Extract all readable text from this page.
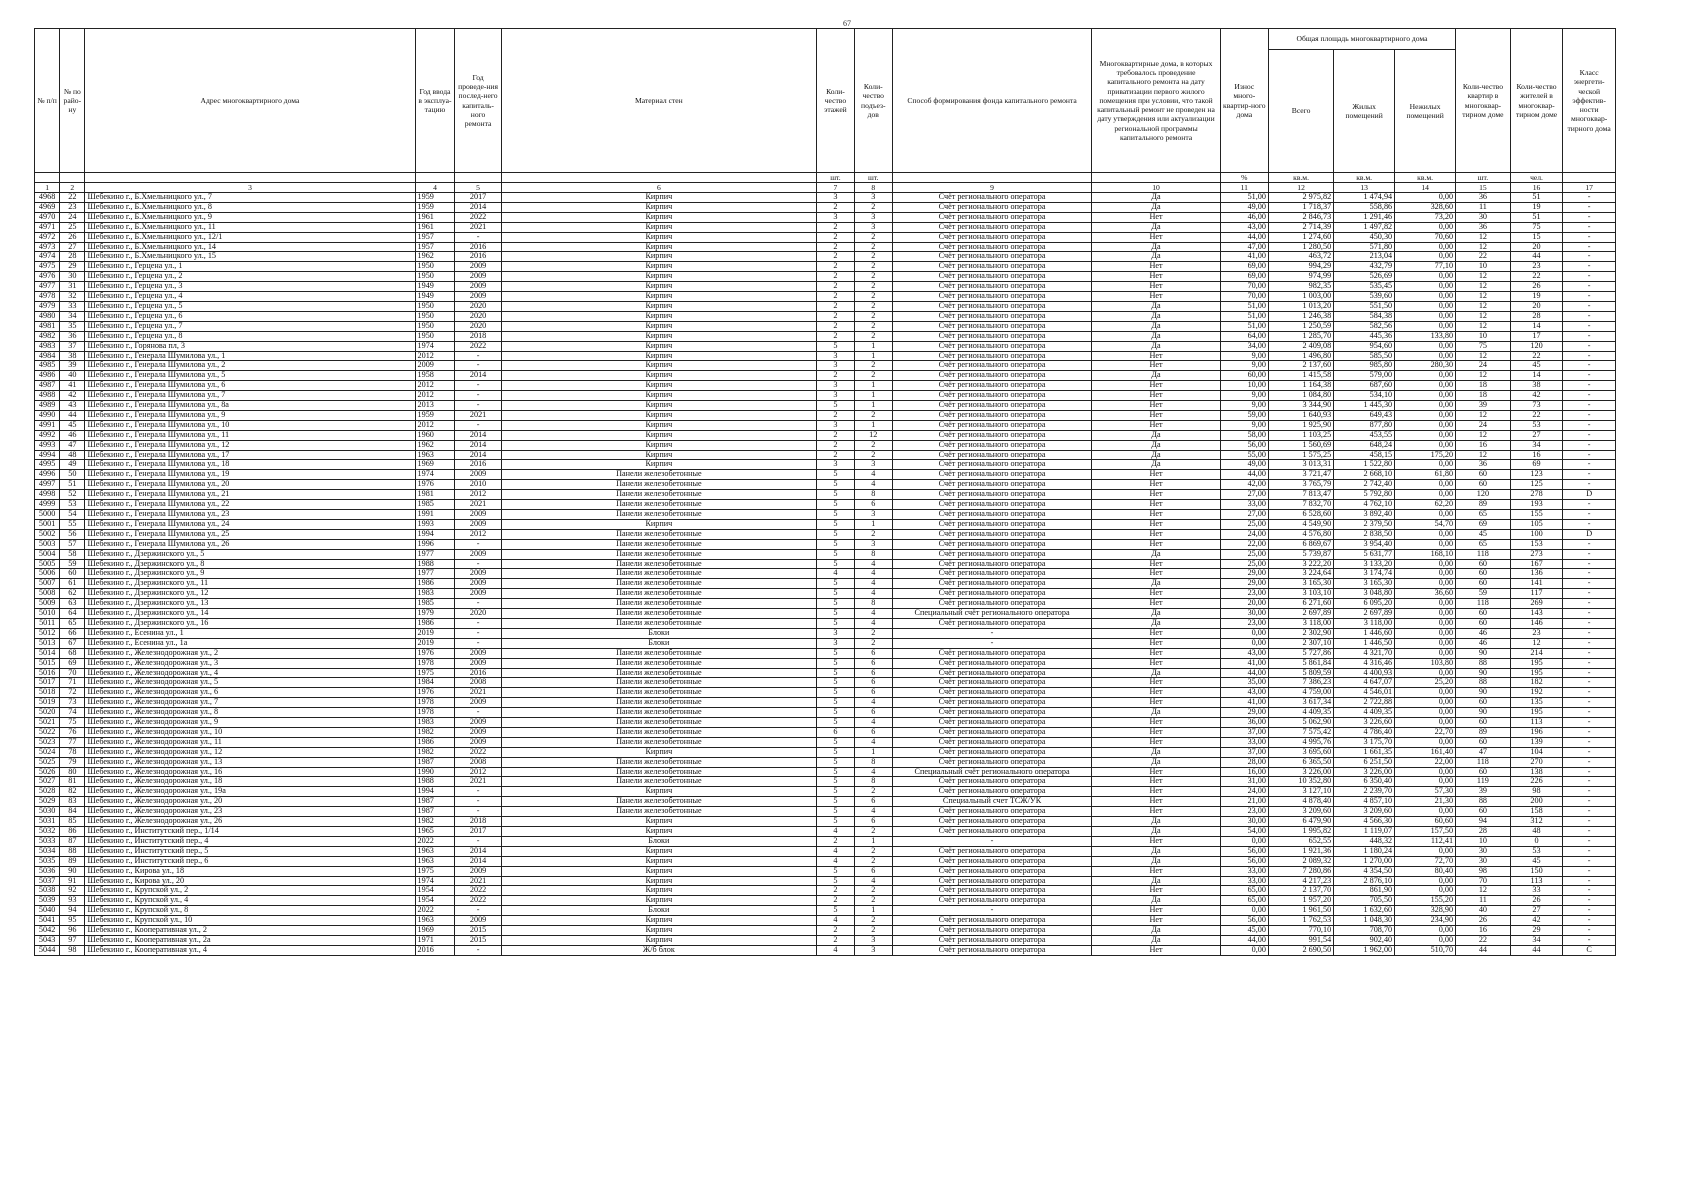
67
№ п/п	№ по райо-ну	Адрес многоквартирного дома	Год ввода в эксплуа-тацию	Год проведе-ния послед-него капиталь-ного ремонта	Материал стен	Коли-чество этажей	Коли-чество подъез-дов	Способ формирования фонда капитального ремонта	Многоквартирные дома, в которых требовалось проведение капитального ремонта на дату приватизации первого жилого помещения при условии, что такой капитальный ремонт не проведен на дату утверждения или актуализации региональной программы капитального ремонта	Износ много-квартир-ного дома	Общая площадь многоквартирного дома			Коли-чество квартир в многоквар-тирном доме	Коли-чество жителей в многоквар-тирном доме	Класс энергети-ческой эффектив-ности многоквар-тирного дома
											Всего	Жилых помещений	Нежилых помещений			
						шт.	шт.			%	кв.м.	кв.м.	кв.м.	шт.	чел.	
1	2	3	4	5	6	7	8	9	10	11	12	13	14	15	16	17
4968	22	Шебекино г., Б.Хмельницкого ул., 7	1959	2017	Кирпич	3	3	Счёт регионального оператора	Да	51,00	2 975,82	1 474,94	0,00	36	51	-
4969	23	Шебекино г., Б.Хмельницкого ул., 8	1959	2014	Кирпич	2	2	Счёт регионального оператора	Да	49,00	1 718,37	558,86	328,60	11	19	-
4970	24	Шебекино г., Б.Хмельницкого ул., 9	1961	2022	Кирпич	3	3	Счёт регионального оператора	Нет	46,00	2 846,73	1 291,46	73,20	30	51	-
4971	25	Шебекино г., Б.Хмельницкого ул., 11	1961	2021	Кирпич	2	3	Счёт регионального оператора	Да	43,00	2 714,39	1 497,82	0,00	36	75	-
4972	26	Шебекино г., Б.Хмельницкого ул., 12/1	1957	-	Кирпич	2	2	Счёт регионального оператора	Нет	44,00	1 274,60	450,30	70,60	12	15	-
4973	27	Шебекино г., Б.Хмельницкого ул., 14	1957	2016	Кирпич	2	2	Счёт регионального оператора	Да	47,00	1 280,50	571,80	0,00	12	20	-
4974	28	Шебекино г., Б.Хмельницкого ул., 15	1962	2016	Кирпич	2	2	Счёт регионального оператора	Да	41,00	463,72	213,04	0,00	22	44	-
4975	29	Шебекино г., Герцена ул., 1	1950	2009	Кирпич	2	2	Счёт регионального оператора	Нет	69,00	994,29	432,79	77,10	10	23	-
4976	30	Шебекино г., Герцена ул., 2	1950	2009	Кирпич	2	2	Счёт регионального оператора	Нет	69,00	974,99	526,69	0,00	12	22	-
4977	31	Шебекино г., Герцена ул., 3	1949	2009	Кирпич	2	2	Счёт регионального оператора	Нет	70,00	982,35	535,45	0,00	12	26	-
4978	32	Шебекино г., Герцена ул., 4	1949	2009	Кирпич	2	2	Счёт регионального оператора	Нет	70,00	1 003,00	539,60	0,00	12	19	-
4979	33	Шебекино г., Герцена ул., 5	1950	2020	Кирпич	2	2	Счёт регионального оператора	Да	51,00	1 013,20	551,50	0,00	12	20	-
4980	34	Шебекино г., Герцена ул., 6	1950	2020	Кирпич	2	2	Счёт регионального оператора	Да	51,00	1 246,38	584,38	0,00	12	28	-
4981	35	Шебекино г., Герцена ул., 7	1950	2020	Кирпич	2	2	Счёт регионального оператора	Да	51,00	1 250,59	582,56	0,00	12	14	-
4982	36	Шебекино г., Герцена ул., 8	1950	2018	Кирпич	2	2	Счёт регионального оператора	Да	64,00	1 285,70	445,36	133,80	10	17	-
4983	37	Шебекино г., Горянова пл, 3	1974	2022	Кирпич	5	1	Счёт регионального оператора	Да	34,00	2 409,08	954,60	0,00	75	120	-
4984	38	Шебекино г., Генерала Шумилова ул., 1	2012	-	Кирпич	3	1	Счёт регионального оператора	Нет	9,00	1 496,80	585,50	0,00	12	22	-
4985	39	Шебекино г., Генерала Шумилова ул., 2	2009	-	Кирпич	3	2	Счёт регионального оператора	Нет	9,00	2 137,60	985,80	280,30	24	45	-
4986	40	Шебекино г., Генерала Шумилова ул., 5	1958	2014	Кирпич	2	2	Счёт регионального оператора	Да	60,00	1 415,58	579,00	0,00	12	14	-
4987	41	Шебекино г., Генерала Шумилова ул., 6	2012	-	Кирпич	3	1	Счёт регионального оператора	Нет	10,00	1 164,38	687,60	0,00	18	38	-
4988	42	Шебекино г., Генерала Шумилова ул., 7	2012	-	Кирпич	3	1	Счёт регионального оператора	Нет	9,00	1 084,80	534,10	0,00	18	42	-
4989	43	Шебекино г., Генерала Шумилова ул., 8а	2013	-	Кирпич	5	1	Счёт регионального оператора	Нет	9,00	3 344,90	1 445,30	0,00	39	73	-
4990	44	Шебекино г., Генерала Шумилова ул., 9	1959	2021	Кирпич	2	2	Счёт регионального оператора	Нет	59,00	1 640,93	649,43	0,00	12	22	-
4991	45	Шебекино г., Генерала Шумилова ул., 10	2012	-	Кирпич	3	1	Счёт регионального оператора	Нет	9,00	1 925,90	877,80	0,00	24	53	-
4992	46	Шебекино г., Генерала Шумилова ул., 11	1960	2014	Кирпич	2	12	Счёт регионального оператора	Да	58,00	1 103,25	453,55	0,00	12	27	-
4993	47	Шебекино г., Генерала Шумилова ул., 12	1962	2014	Кирпич	2	2	Счёт регионального оператора	Да	56,00	1 560,69	648,24	0,00	16	34	-
4994	48	Шебекино г., Генерала Шумилова ул., 17	1963	2014	Кирпич	2	2	Счёт регионального оператора	Да	55,00	1 575,25	458,15	175,20	12	16	-
4995	49	Шебекино г., Генерала Шумилова ул., 18	1969	2016	Кирпич	3	3	Счёт регионального оператора	Да	49,00	3 013,31	1 522,80	0,00	36	69	-
4996	50	Шебекино г., Генерала Шумилова ул., 19	1974	2009	Панели железобетонные	5	4	Счёт регионального оператора	Нет	44,00	3 721,47	2 668,10	61,80	60	123	-
4997	51	Шебекино г., Генерала Шумилова ул., 20	1976	2010	Панели железобетонные	5	4	Счёт регионального оператора	Нет	42,00	3 765,79	2 742,40	0,00	60	125	-
4998	52	Шебекино г., Генерала Шумилова ул., 21	1981	2012	Панели железобетонные	5	8	Счёт регионального оператора	Нет	27,00	7 813,47	5 792,80	0,00	120	278	D
4999	53	Шебекино г., Генерала Шумилова ул., 22	1985	2021	Панели железобетонные	5	6	Счёт регионального оператора	Нет	33,00	7 832,70	4 762,10	62,20	89	193	-
5000	54	Шебекино г., Генерала Шумилова ул., 23	1991	2009	Панели железобетонные	5	3	Счёт регионального оператора	Нет	27,00	6 528,60	3 892,40	0,00	65	155	-
5001	55	Шебекино г., Генерала Шумилова ул., 24	1993	2009	Кирпич	5	1	Счёт регионального оператора	Нет	25,00	4 549,90	2 379,50	54,70	69	105	-
5002	56	Шебекино г., Генерала Шумилова ул., 25	1994	2012	Панели железобетонные	5	2	Счёт регионального оператора	Нет	24,00	4 576,80	2 838,50	0,00	45	100	D
5003	57	Шебекино г., Генерала Шумилова ул., 26	1996	-	Панели железобетонные	5	3	Счёт регионального оператора	Нет	22,00	6 869,67	3 954,40	0,00	65	153	-
5004	58	Шебекино г., Дзержинского ул., 5	1977	2009	Панели железобетонные	5	8	Счёт регионального оператора	Да	25,00	5 739,87	5 631,77	168,10	118	273	-
5005	59	Шебекино г., Дзержинского ул., 8	1988	-	Панели железобетонные	5	4	Счёт регионального оператора	Нет	25,00	3 222,20	3 133,20	0,00	60	167	-
5006	60	Шебекино г., Дзержинского ул., 9	1977	2009	Панели железобетонные	4	4	Счёт регионального оператора	Нет	29,00	3 224,64	3 174,74	0,00	60	136	-
5007	61	Шебекино г., Дзержинского ул., 11	1986	2009	Панели железобетонные	5	4	Счёт регионального оператора	Да	29,00	3 165,30	3 165,30	0,00	60	141	-
5008	62	Шебекино г., Дзержинского ул., 12	1983	2009	Панели железобетонные	5	4	Счёт регионального оператора	Нет	23,00	3 103,10	3 048,80	36,60	59	117	-
5009	63	Шебекино г., Дзержинского ул., 13	1985	-	Панели железобетонные	5	8	Счёт регионального оператора	Нет	20,00	6 271,60	6 095,20	0,00	118	269	-
5010	64	Шебекино г., Дзержинского ул., 14	1979	2020	Панели железобетонные	5	4	Специальный счёт регионального оператора	Да	30,00	2 697,89	2 697,89	0,00	60	143	-
5011	65	Шебекино г., Дзержинского ул., 16	1986	-	Панели железобетонные	5	4	Счёт регионального оператора	Да	23,00	3 118,00	3 118,00	0,00	60	146	-
5012	66	Шебекино г., Есенина ул., 1	2019	-	Блоки	3	2	-	Нет	0,00	2 302,90	1 446,60	0,00	46	23	-
5013	67	Шебекино г., Есенина ул., 1а	2019	-	Блоки	3	2	-	Нет	0,00	2 307,10	1 446,50	0,00	46	12	-
5014	68	Шебекино г., Железнодорожная ул., 2	1976	2009	Панели железобетонные	5	6	Счёт регионального оператора	Нет	43,00	5 727,86	4 321,70	0,00	90	214	-
5015	69	Шебекино г., Железнодорожная ул., 3	1978	2009	Панели железобетонные	5	6	Счёт регионального оператора	Нет	41,00	5 861,84	4 316,46	103,80	88	195	-
5016	70	Шебекино г., Железнодорожная ул., 4	1975	2016	Панели железобетонные	5	6	Счёт регионального оператора	Да	44,00	5 809,59	4 400,93	0,00	90	195	-
5017	71	Шебекино г., Железнодорожная ул., 5	1984	2008	Панели железобетонные	5	6	Счёт регионального оператора	Нет	35,00	7 386,23	4 647,07	25,20	88	182	-
5018	72	Шебекино г., Железнодорожная ул., 6	1976	2021	Панели железобетонные	5	6	Счёт регионального оператора	Нет	43,00	4 759,00	4 546,01	0,00	90	192	-
5019	73	Шебекино г., Железнодорожная ул., 7	1978	2009	Панели железобетонные	5	4	Счёт регионального оператора	Нет	41,00	3 617,34	2 722,88	0,00	60	135	-
5020	74	Шебекино г., Железнодорожная ул., 8	1978	-	Панели железобетонные	5	6	Счёт регионального оператора	Да	29,00	4 409,35	4 409,35	0,00	90	195	-
5021	75	Шебекино г., Железнодорожная ул., 9	1983	2009	Панели железобетонные	5	4	Счёт регионального оператора	Нет	36,00	5 062,90	3 226,60	0,00	60	113	-
5022	76	Шебекино г., Железнодорожная ул., 10	1982	2009	Панели железобетонные	6	6	Счёт регионального оператора	Нет	37,00	7 575,42	4 786,40	22,70	89	196	-
5023	77	Шебекино г., Железнодорожная ул., 11	1986	2009	Панели железобетонные	5	4	Счёт регионального оператора	Нет	33,00	4 995,76	3 175,70	0,00	60	139	-
5024	78	Шебекино г., Железнодорожная ул., 12	1982	2022	Кирпич	5	1	Счёт регионального оператора	Да	37,00	3 695,60	1 661,35	161,40	47	104	-
5025	79	Шебекино г., Железнодорожная ул., 13	1987	2008	Панели железобетонные	5	8	Счёт регионального оператора	Да	28,00	6 365,50	6 251,50	22,00	118	270	-
5026	80	Шебекино г., Железнодорожная ул., 16	1990	2012	Панели железобетонные	5	4	Специальный счёт регионального оператора	Нет	16,00	3 226,00	3 226,00	0,00	60	138	-
5027	81	Шебекино г., Железнодорожная ул., 18	1988	2021	Панели железобетонные	5	8	Счёт регионального оператора	Нет	31,00	10 352,80	6 350,40	0,00	119	226	-
5028	82	Шебекино г., Железнодорожная ул., 19а	1994	-	Кирпич	5	2	Счёт регионального оператора	Нет	24,00	3 127,10	2 239,70	57,30	39	98	-
5029	83	Шебекино г., Железнодорожная ул., 20	1987	-	Панели железобетонные	5	6	Специальный счет ТСЖ/УК	Нет	21,00	4 878,40	4 857,10	21,30	88	200	-
5030	84	Шебекино г., Железнодорожная ул., 23	1987	-	Панели железобетонные	5	4	Счёт регионального оператора	Нет	23,00	3 209,60	3 209,60	0,00	60	158	-
5031	85	Шебекино г., Железнодорожная ул., 26	1982	2018	Кирпич	5	6	Счёт регионального оператора	Да	30,00	6 479,90	4 566,30	60,60	94	312	-
5032	86	Шебекино г., Институтский пер., 1/14	1965	2017	Кирпич	4	2	Счёт регионального оператора	Да	54,00	1 995,82	1 119,07	157,50	28	48	-
5033	87	Шебекино г., Институтский пер., 4	2022	-	Блоки	2	1	-	Нет	0,00	652,55	448,32	112,41	10	0	-
5034	88	Шебекино г., Институтский пер., 5	1963	2014	Кирпич	4	2	Счёт регионального оператора	Да	56,00	1 921,36	1 180,24	0,00	30	53	-
5035	89	Шебекино г., Институтский пер., 6	1963	2014	Кирпич	4	2	Счёт регионального оператора	Да	56,00	2 089,32	1 270,00	72,70	30	45	-
5036	90	Шебекино г., Кирова ул., 18	1975	2009	Кирпич	5	6	Счёт регионального оператора	Нет	33,00	7 280,86	4 354,50	80,40	98	150	-
5037	91	Шебекино г., Кирова ул., 20	1974	2021	Кирпич	5	4	Счёт регионального оператора	Да	33,00	4 217,23	2 876,10	0,00	70	113	-
5038	92	Шебекино г., Крупской ул., 2	1954	2022	Кирпич	2	2	Счёт регионального оператора	Нет	65,00	2 137,70	861,90	0,00	12	33	-
5039	93	Шебекино г., Крупской ул., 4	1954	2022	Кирпич	2	2	Счёт регионального оператора	Да	65,00	1 957,20	705,50	155,20	11	26	-
5040	94	Шебекино г., Крупской ул., 8	2022	-	Блоки	5	1	-	Нет	0,00	1 961,50	1 632,60	328,90	40	27	-
5041	95	Шебекино г., Крупской ул., 10	1963	2009	Кирпич	4	2	Счёт регионального оператора	Нет	56,00	1 762,53	1 048,30	234,90	26	42	-
5042	96	Шебекино г., Кооперативная ул., 2	1969	2015	Кирпич	2	2	Счёт регионального оператора	Да	45,00	770,10	708,70	0,00	16	29	-
5043	97	Шебекино г., Кооперативная ул., 2а	1971	2015	Кирпич	2	3	Счёт регионального оператора	Да	44,00	991,54	902,40	0,00	22	34	-
5044	98	Шебекино г., Кооперативная ул., 4	2016	-	Ж/б блок	4	3	Счёт регионального оператора	Нет	0,00	2 690,50	1 962,00	510,70	44	44	C
